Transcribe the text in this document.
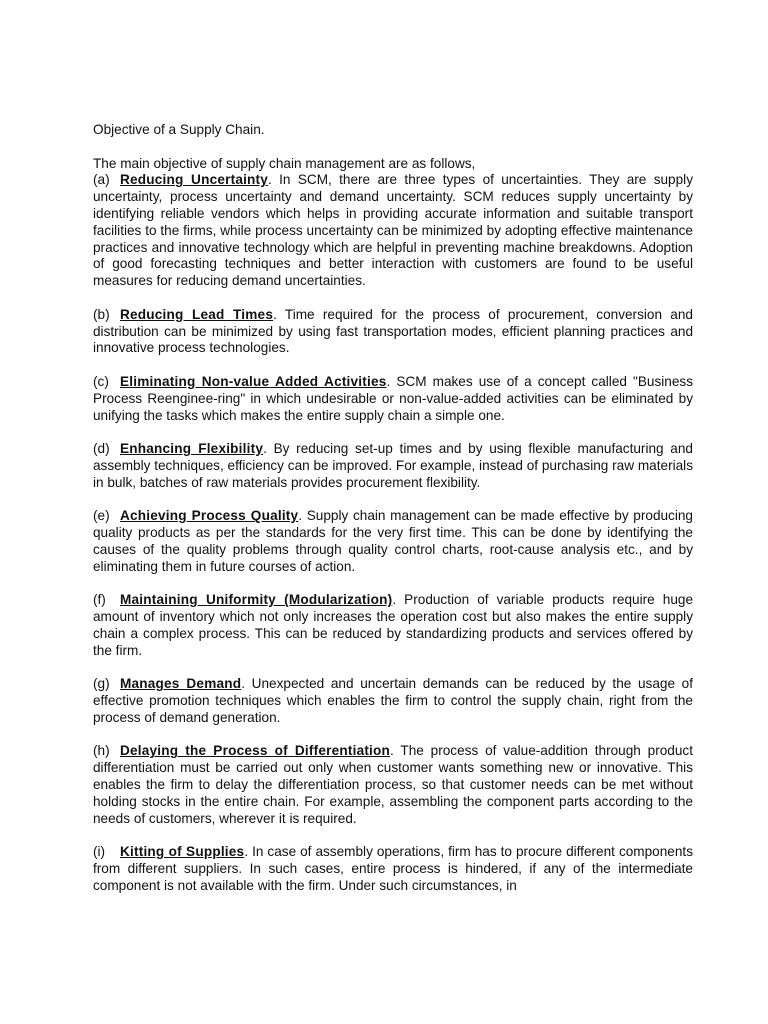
Objective of a Supply Chain.

The main objective of supply chain management are as follows,

(a) Reducing Uncertainty. In SCM, there are three types of uncertainties. They are supply uncertainty, process uncertainty and demand uncertainty. SCM reduces supply uncertainty by identifying reliable vendors which helps in providing accurate information and suitable transport facilities to the firms, while process uncertainty can be minimized by adopting effective maintenance practices and innovative technology which are helpful in preventing machine breakdowns. Adoption of good forecasting techniques and better interaction with customers are found to be useful measures for reducing demand uncertainties.

(b) Reducing Lead Times. Time required for the process of procurement, conversion and distribution can be minimized by using fast transportation modes, efficient planning practices and innovative process technologies.

(c) Eliminating Non-value Added Activities. SCM makes use of a concept called "Business Process Reenginee-ring" in which undesirable or non-value-added activities can be eliminated by unifying the tasks which makes the entire supply chain a simple one.

(d) Enhancing Flexibility. By reducing set-up times and by using flexible manufacturing and assembly techniques, efficiency can be improved. For example, instead of purchasing raw materials in bulk, batches of raw materials provides procurement flexibility.

(e) Achieving Process Quality. Supply chain management can be made effective by producing quality products as per the standards for the very first time. This can be done by identifying the causes of the quality problems through quality control charts, root-cause analysis etc., and by eliminating them in future courses of action.

(f) Maintaining Uniformity (Modularization). Production of variable products require huge amount of inventory which not only increases the operation cost but also makes the entire supply chain a complex process. This can be reduced by standardizing products and services offered by the firm.

(g) Manages Demand. Unexpected and uncertain demands can be reduced by the usage of effective promotion techniques which enables the firm to control the supply chain, right from the process of demand generation.

(h) Delaying the Process of Differentiation. The process of value-addition through product differentiation must be carried out only when customer wants something new or innovative. This enables the firm to delay the differentiation process, so that customer needs can be met without holding stocks in the entire chain. For example, assembling the component parts according to the needs of customers, wherever it is required.

(i) Kitting of Supplies. In case of assembly operations, firm has to procure different components from different suppliers. In such cases, entire process is hindered, if any of the intermediate component is not available with the firm. Under such circumstances, in
